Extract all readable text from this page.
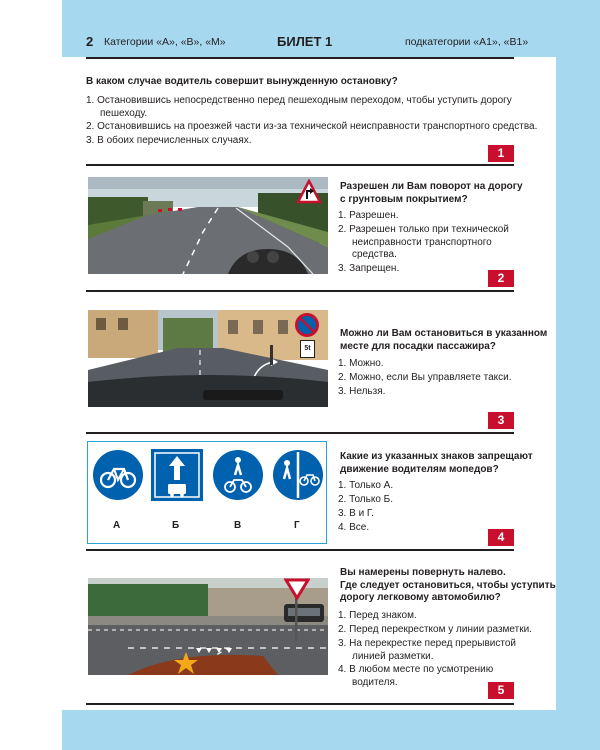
2 Категории «А», «В», «М»	БИЛЕТ 1	подкатегории «А1», «В1»
В каком случае водитель совершит вынужденную остановку?
1. Остановившись непосредственно перед пешеходным переходом, чтобы уступить дорогу
пешеходу.
2. Остановившись на проезжей части из-за технической неисправности транспортного средства.
3. В обоих перечисленных случаях.
1
Разрешен ли Вам поворот на дорогу
с грунтовым покрытием?
1. Разрешен.
2. Разрешен только при технической
неисправности транспортного
средства.
3. Запрещен.
2
5t
Можно ли Вам остановиться в указанном
месте для посадки пассажира?
1. Можно.
2. Можно, если Вы управляете такси.
3. Нельзя.
3
А	Б	В	Г
Какие из указанных знаков запрещают
движение водителям мопедов?
1. Только А.
2. Только Б.
3. В и Г.
4. Все.
4
Вы намерены повернуть налево.
Где следует остановиться, чтобы уступить
дорогу легковому автомобилю?
1. Перед знаком.
2. Перед перекрестком у линии разметки.
3. На перекрестке перед прерывистой
линией разметки.
4. В любом месте по усмотрению
водителя.
5
